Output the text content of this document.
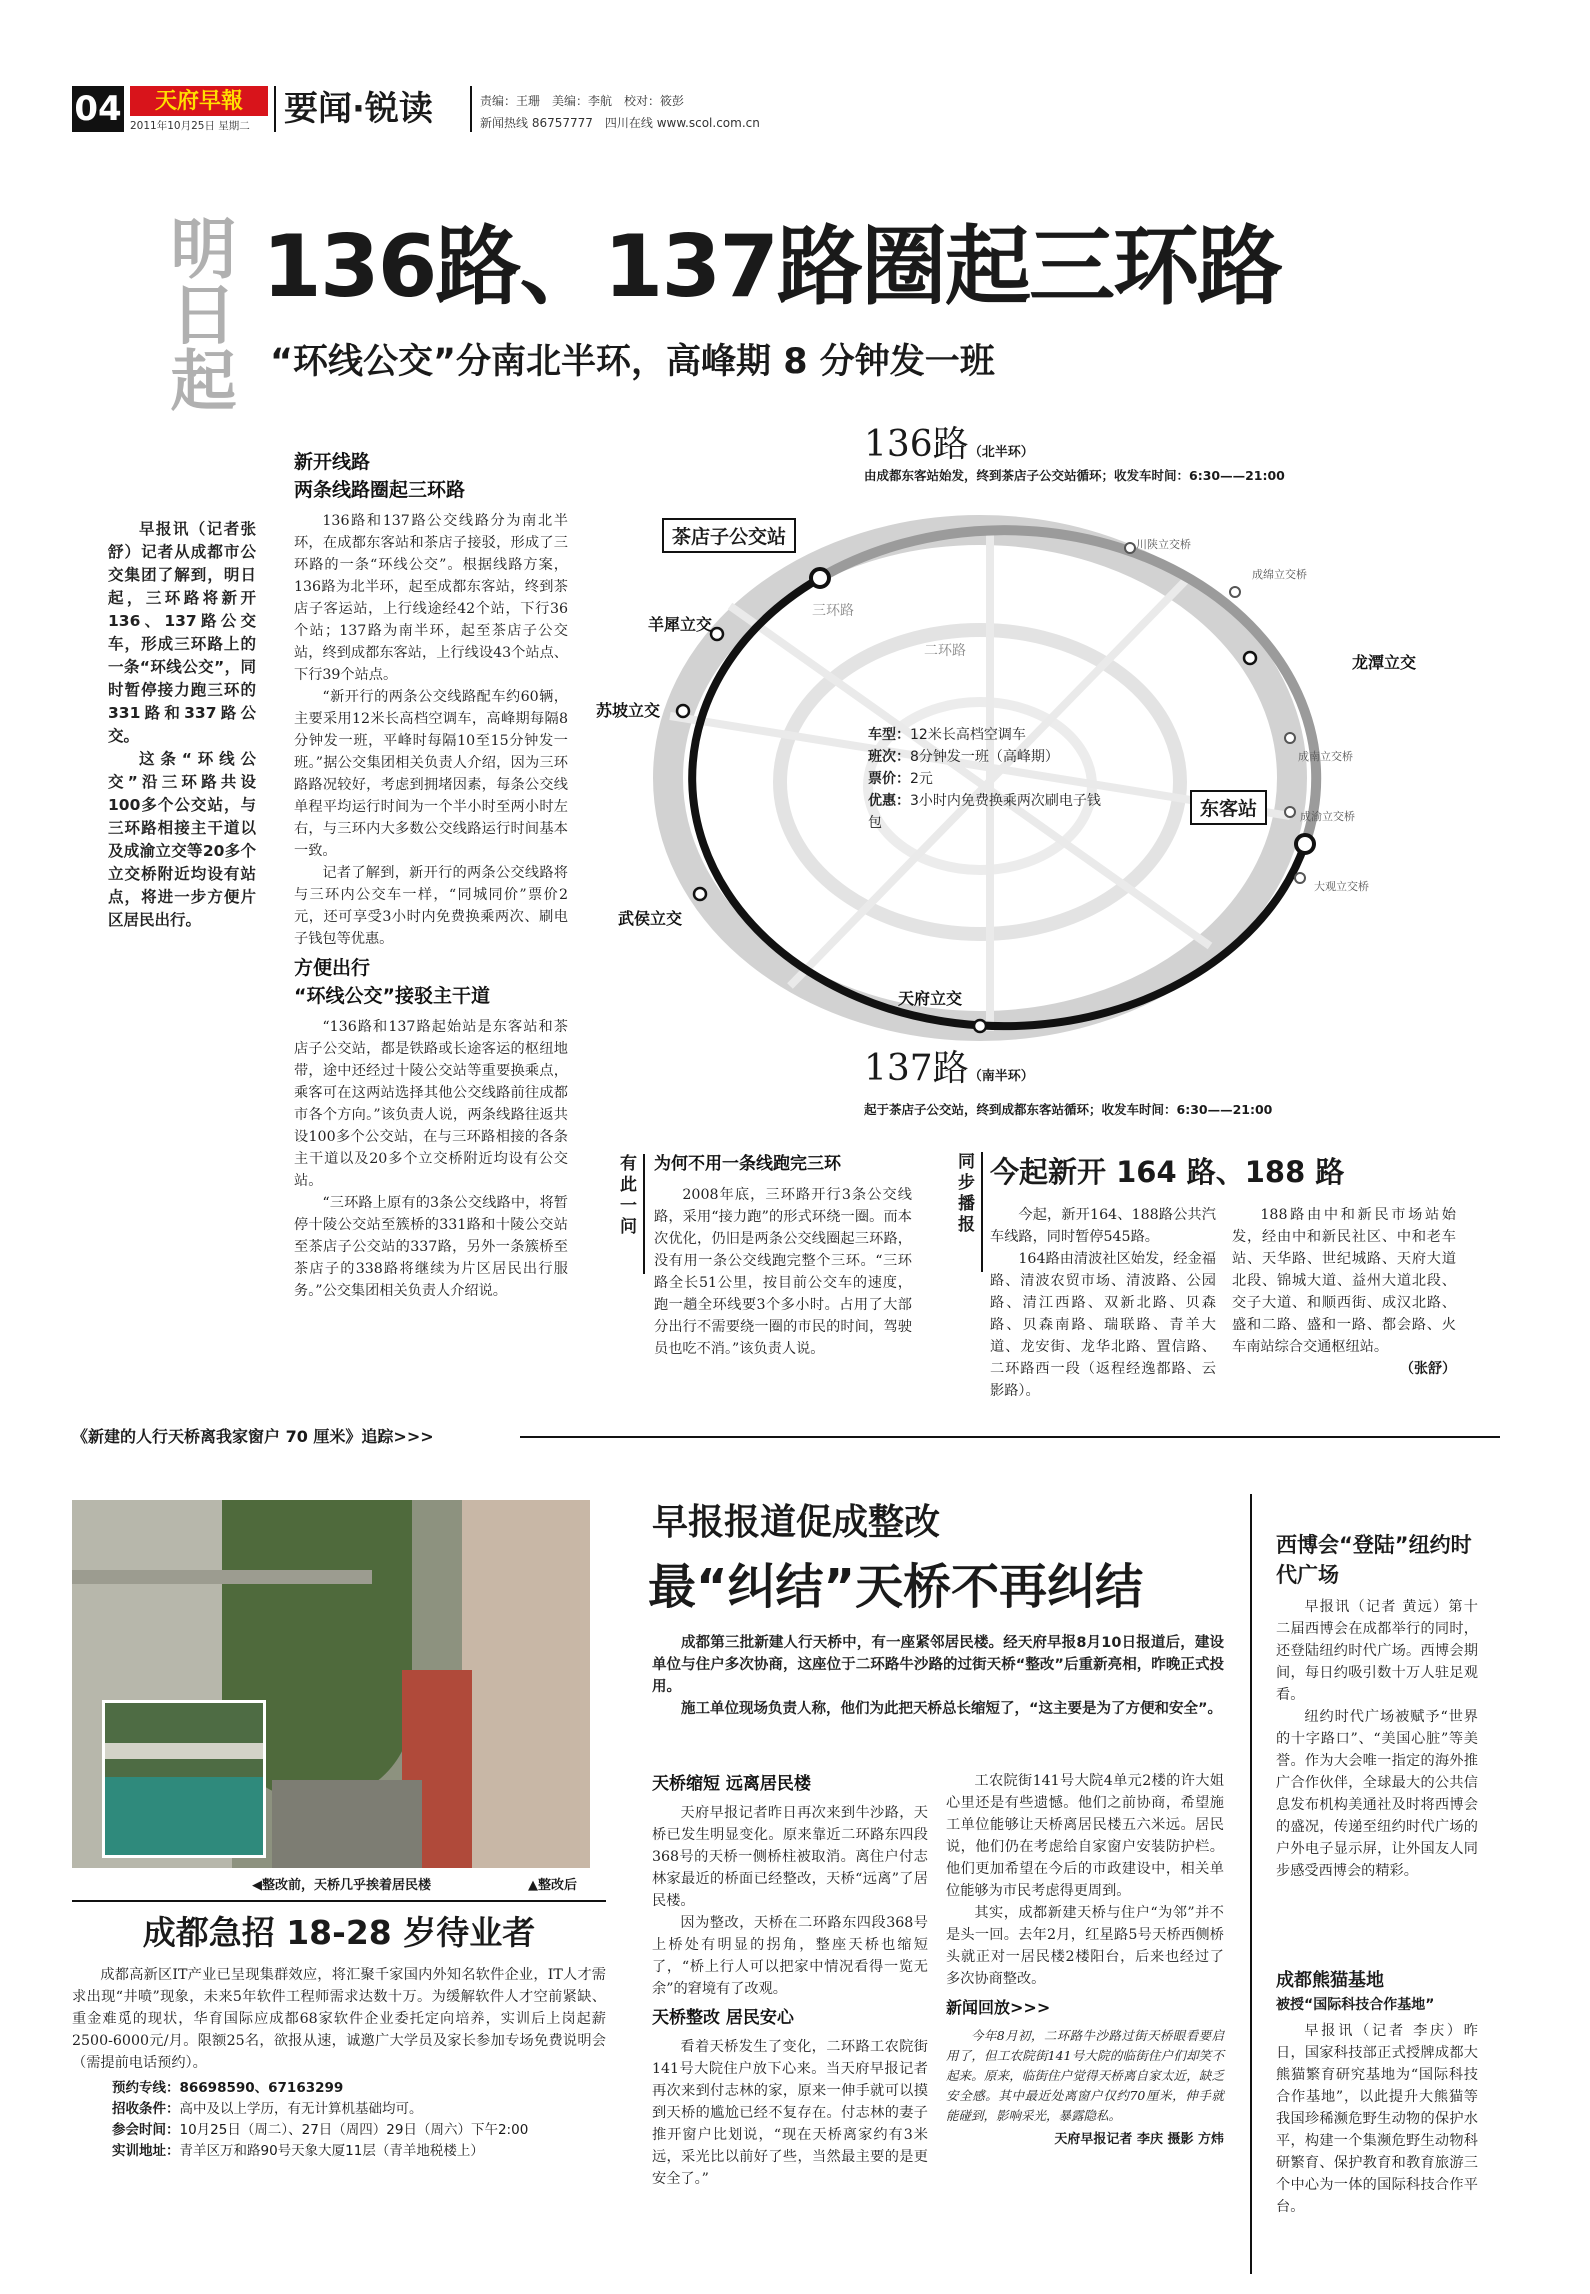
04	天府早報
2011年10月25日 星期二 要闻·锐读	责编：王珊　美编：李航　校对：筱彭
新闻热线 86757777　四川在线 www.scol.com.cn
明日起 136路、137路圈起三环路
“环线公交”分南北半环，高峰期 8 分钟发一班

早报讯（记者张舒）记者从成都市公交集团了解到，明日起，三环路将新开136、137路公交车，形成三环路上的一条“环线公交”，同时暂停接力跑三环的331路和337路公交。

这条“环线公交”沿三环路共设100多个公交站，与三环路相接主干道以及成渝立交等20多个立交桥附近均设有站点，将进一步方便片区居民出行。

新开线路
两条线路圈起三环路

136路和137路公交线路分为南北半环，在成都东客站和茶店子接驳，形成了三环路的一条“环线公交”。根据线路方案，136路为北半环，起至成都东客站，终到茶店子客运站，上行线途经42个站，下行36个站；137路为南半环，起至茶店子公交站，终到成都东客站，上行线设43个站点、下行39个站点。

“新开行的两条公交线路配车约60辆，主要采用12米长高档空调车，高峰期每隔8分钟发一班，平峰时每隔10至15分钟发一班。”据公交集团相关负责人介绍，因为三环路路况较好，考虑到拥堵因素，每条公交线单程平均运行时间为一个半小时至两小时左右，与三环内大多数公交线路运行时间基本一致。

记者了解到，新开行的两条公交线路将与三环内公交车一样，“同城同价”票价2元，还可享受3小时内免费换乘两次、刷电子钱包等优惠。

方便出行
“环线公交”接驳主干道

“136路和137路起始站是东客站和茶店子公交站，都是铁路或长途客运的枢纽地带，途中还经过十陵公交站等重要换乘点，乘客可在这两站选择其他公交线路前往成都市各个方向。”该负责人说，两条线路往返共设100多个公交站，在与三环路相接的各条主干道以及20多个立交桥附近均设有公交站。

“三环路上原有的3条公交线路中，将暂停十陵公交站至簇桥的331路和十陵公交站至茶店子公交站的337路，另外一条簇桥至茶店子的338路将继续为片区居民出行服务。”公交集团相关负责人介绍说。

136路（北半环）
由成都东客站始发，终到茶店子公交站循环；收发车时间：6:30——21:00
茶店子公交站
东客站
羊犀立交
苏坡立交
武侯立交
天府立交
龙潭立交
川陕立交桥
成绵立交桥
成南立交桥
成渝立交桥
大观立交桥
三环路
二环路
车型：12米长高档空调车
班次：8分钟发一班（高峰期）
票价：2元
优惠：3小时内免费换乘两次刷电子钱包
137路（南半环）
起于茶店子公交站，终到成都东客站循环；收发车时间：6:30——21:00
有此一问	为何不用一条线跑完三环

2008年底，三环路开行3条公交线路，采用“接力跑”的形式环绕一圈。而本次优化，仍旧是两条公交线圈起三环路，没有用一条公交线跑完整个三环。“三环路全长51公里，按目前公交车的速度，跑一趟全环线要3个多小时。占用了大部分出行不需要绕一圈的市民的时间，驾驶员也吃不消。”该负责人说。

同步播报 今起新开 164 路、188 路

今起，新开164、188路公共汽车线路，同时暂停545路。

164路由清波社区始发，经金福路、清波农贸市场、清波路、公园路、清江西路、双新北路、贝森路、贝森南路、瑞联路、青羊大道、龙安街、龙华北路、置信路、二环路西一段（返程经逸都路、云影路）。

188路由中和新民市场站始发，经由中和新民社区、中和老车站、天华路、世纪城路、天府大道北段、锦城大道、益州大道北段、交子大道、和顺西街、成汉北路、盛和二路、盛和一路、都会路、火车南站综合交通枢纽站。

（张舒）
《新建的人行天桥离我家窗户 70 厘米》追踪>>>
◀整改前，天桥几乎挨着居民楼	▲整改后
成都急招 18-28 岁待业者

成都高新区IT产业已呈现集群效应，将汇聚千家国内外知名软件企业，IT人才需求出现“井喷”现象，未来5年软件工程师需求达数十万。为缓解软件人才空前紧缺、重金难觅的现状，华育国际应成都68家软件企业委托定向培养，实训后上岗起薪2500-6000元/月。限额25名，欲报从速，诚邀广大学员及家长参加专场免费说明会（需提前电话预约）。

预约专线：86698590、67163299
招收条件：高中及以上学历，有无计算机基础均可。
参会时间：10月25日（周二）、27日（周四）29日（周六）下午2:00
实训地址：青羊区万和路90号天象大厦11层（青羊地税楼上）
早报报道促成整改
最“纠结”天桥不再纠结

成都第三批新建人行天桥中，有一座紧邻居民楼。经天府早报8月10日报道后，建设单位与住户多次协商，这座位于二环路牛沙路的过街天桥“整改”后重新亮相，昨晚正式投用。

施工单位现场负责人称，他们为此把天桥总长缩短了，“这主要是为了方便和安全”。

天桥缩短 远离居民楼

天府早报记者昨日再次来到牛沙路，天桥已发生明显变化。原来靠近二环路东四段368号的天桥一侧桥柱被取消。离住户付志林家最近的桥面已经整改，天桥“远离”了居民楼。

因为整改，天桥在二环路东四段368号上桥处有明显的拐角，整座天桥也缩短了，“桥上行人可以把家中情况看得一览无余”的窘境有了改观。

天桥整改 居民安心

看着天桥发生了变化，二环路工农院街141号大院住户放下心来。当天府早报记者再次来到付志林的家，原来一伸手就可以摸到天桥的尴尬已经不复存在。付志林的妻子推开窗户比划说，“现在天桥离家约有3米远，采光比以前好了些，当然最主要的是更安全了。”

工农院街141号大院4单元2楼的许大姐心里还是有些遗憾。他们之前协商，希望施工单位能够让天桥离居民楼五六米远。居民说，他们仍在考虑给自家窗户安装防护栏。他们更加希望在今后的市政建设中，相关单位能够为市民考虑得更周到。

其实，成都新建天桥与住户“为邻”并不是头一回。去年2月，红星路5号天桥西侧桥头就正对一居民楼2楼阳台，后来也经过了多次协商整改。

新闻回放>>>

今年8月初，二环路牛沙路过街天桥眼看要启用了，但工农院街141号大院的临街住户们却笑不起来。原来，临街住户觉得天桥离自家太近，缺乏安全感。其中最近处离窗户仅约70厘米，伸手就能碰到，影响采光，暴露隐私。

天府早报记者 李庆 摄影 方炜
西博会“登陆”纽约时代广场

早报讯（记者 黄远）第十二届西博会在成都举行的同时，还登陆纽约时代广场。西博会期间，每日约吸引数十万人驻足观看。

纽约时代广场被赋予“世界的十字路口”、“美国心脏”等美誉。作为大会唯一指定的海外推广合作伙伴，全球最大的公共信息发布机构美通社及时将西博会的盛况，传递至纽约时代广场的户外电子显示屏，让外国友人同步感受西博会的精彩。

成都熊猫基地
被授“国际科技合作基地”

早报讯（记者 李庆）昨日，国家科技部正式授牌成都大熊猫繁育研究基地为“国际科技合作基地”，以此提升大熊猫等我国珍稀濒危野生动物的保护水平，构建一个集濒危野生动物科研繁育、保护教育和教育旅游三个中心为一体的国际科技合作平台。
